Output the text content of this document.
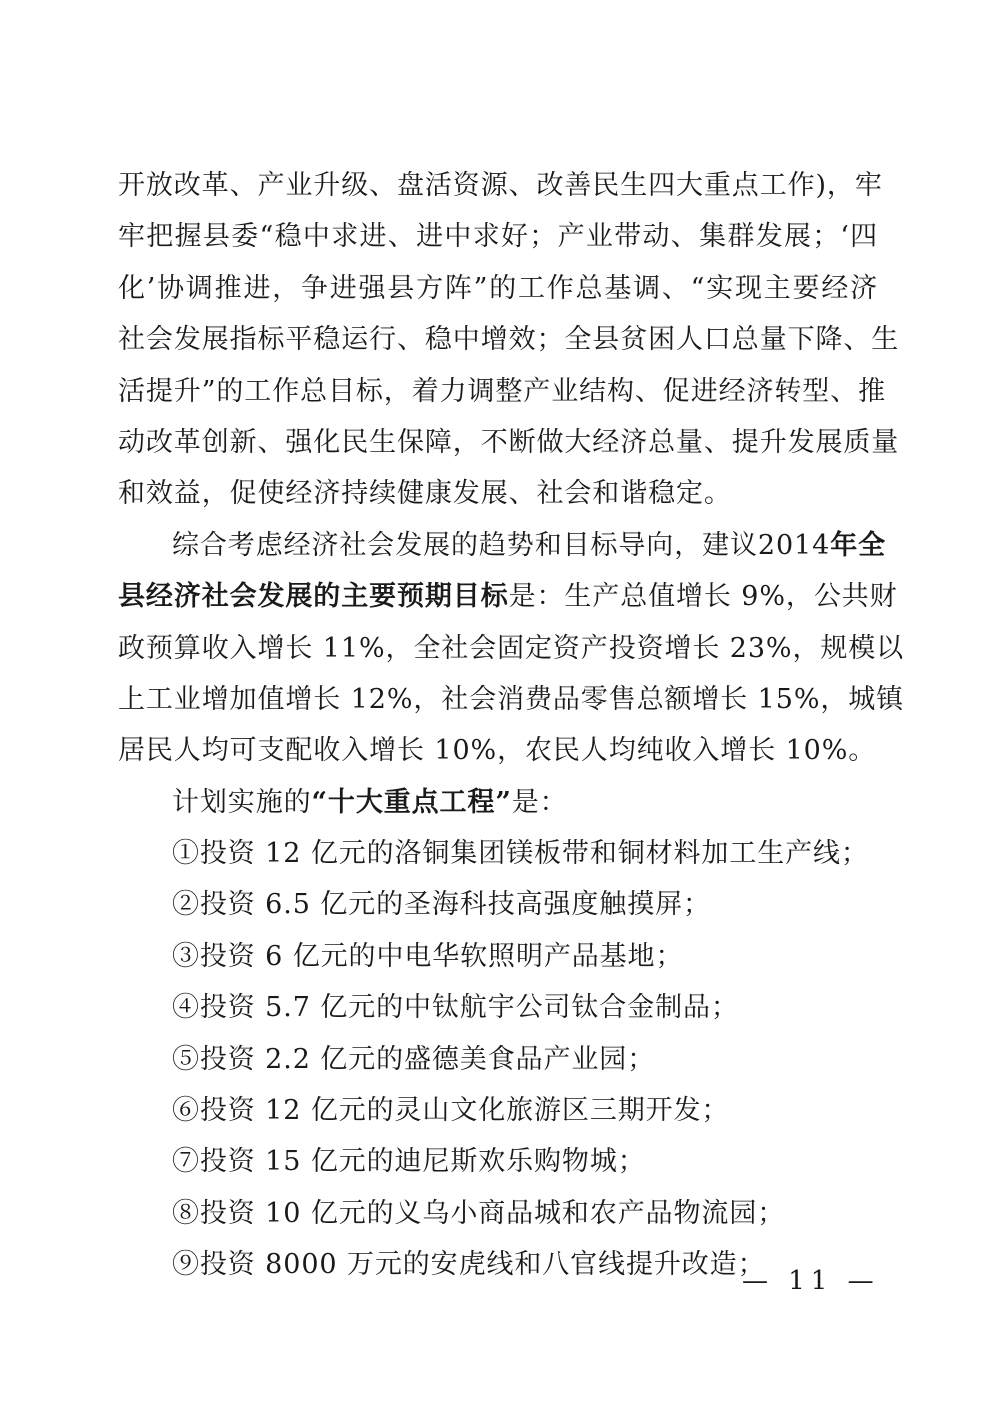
开放改革、产业升级、盘活资源、改善民生四大重点工作)，牢
牢把握县委“稳中求进、进中求好；产业带动、集群发展；‘四
化’协调推进，争进强县方阵”的工作总基调、“实现主要经济
社会发展指标平稳运行、稳中增效；全县贫困人口总量下降、生
活提升”的工作总目标，着力调整产业结构、促进经济转型、推
动改革创新、强化民生保障，不断做大经济总量、提升发展质量
和效益，促使经济持续健康发展、社会和谐稳定。
综合考虑经济社会发展的趋势和目标导向，建议2014年全
县经济社会发展的主要预期目标是：生产总值增长 9%，公共财
政预算收入增长 11%，全社会固定资产投资增长 23%，规模以
上工业增加值增长 12%，社会消费品零售总额增长 15%，城镇
居民人均可支配收入增长 10%，农民人均纯收入增长 10%。
计划实施的“十大重点工程”是：
①投资 12 亿元的洛铜集团镁板带和铜材料加工生产线；
②投资 6.5 亿元的圣海科技高强度触摸屏；
③投资 6 亿元的中电华软照明产品基地；
④投资 5.7 亿元的中钛航宇公司钛合金制品；
⑤投资 2.2 亿元的盛德美食品产业园；
⑥投资 12 亿元的灵山文化旅游区三期开发；
⑦投资 15 亿元的迪尼斯欢乐购物城；
⑧投资 10 亿元的义乌小商品城和农产品物流园；
⑨投资 8000 万元的安虎线和八官线提升改造；
— 11 —
